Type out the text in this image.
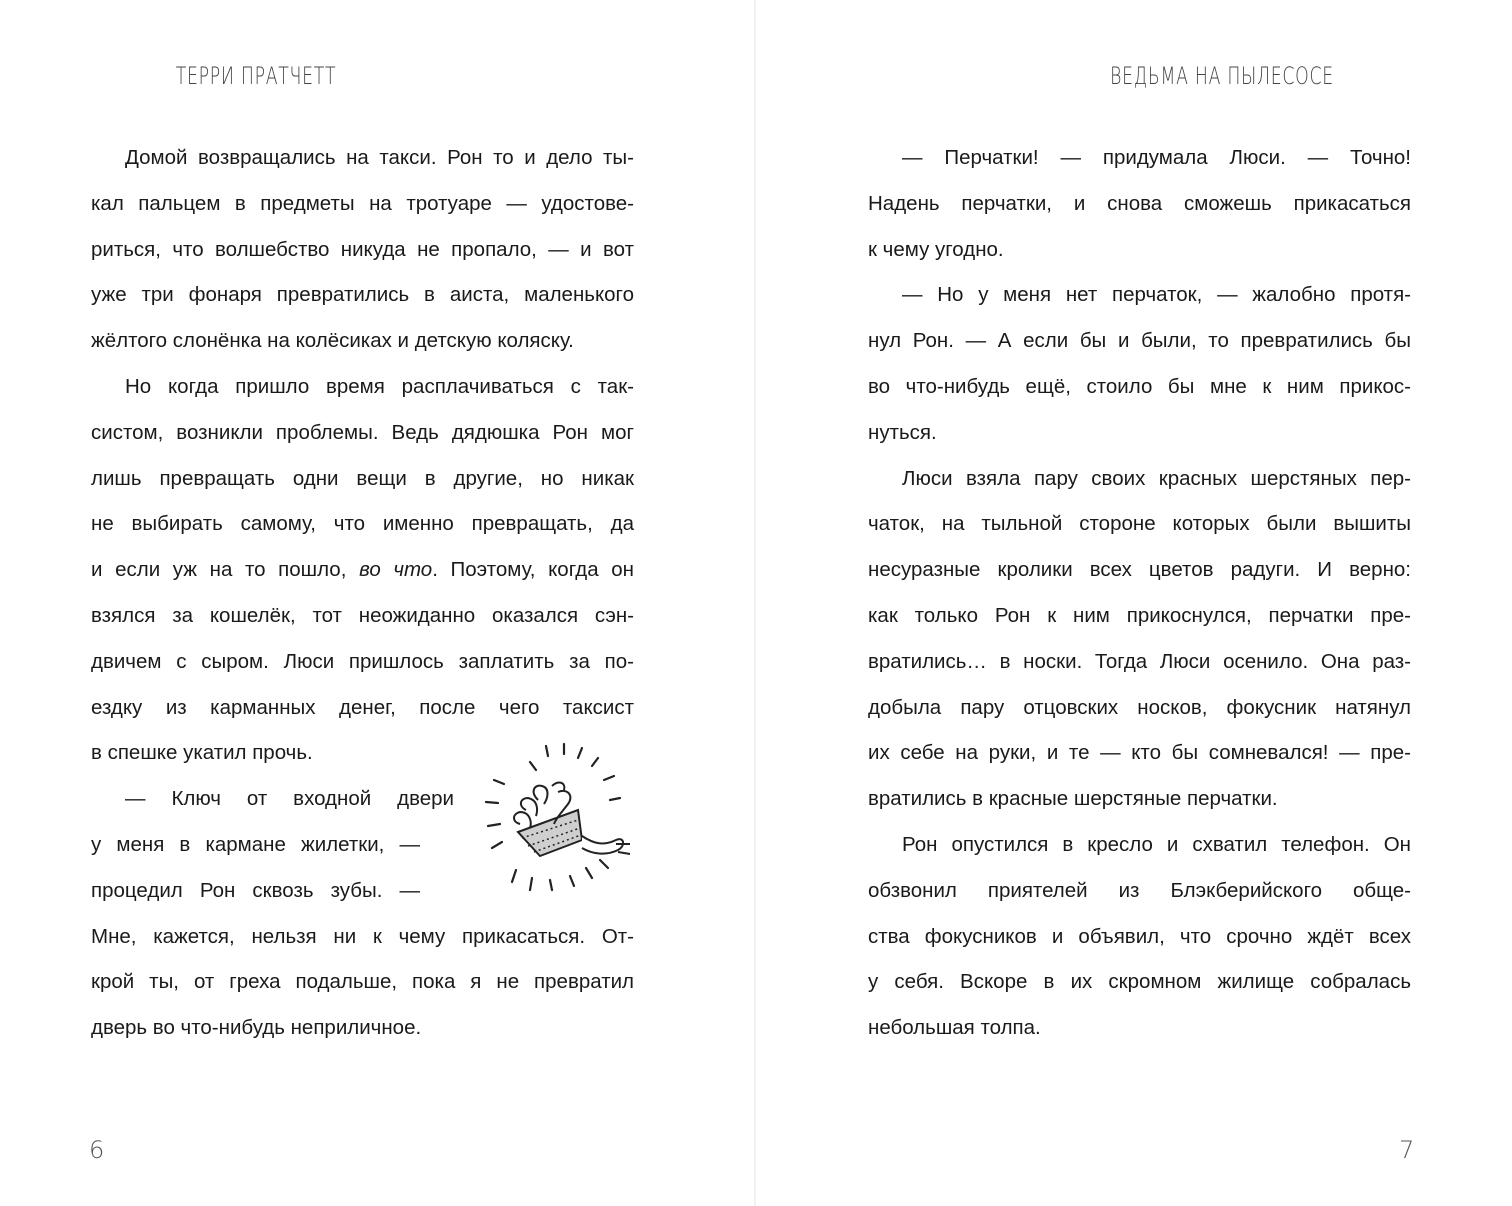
ТЕРРИ ПРАТЧЕТТ
Домой возвращались на такси. Рон то и дело ты-
кал пальцем в предметы на тротуаре — удостове-
риться, что волшебство никуда не пропало, — и вот
уже три фонаря превратились в аиста, маленького
жёлтого слонёнка на колёсиках и детскую коляску.
Но когда пришло время расплачиваться с так-
систом, возникли проблемы. Ведь дядюшка Рон мог
лишь превращать одни вещи в другие, но никак
не выбирать самому, что именно превращать, да
и если уж на то пошло, во что. Поэтому, когда он
взялся за кошелёк, тот неожиданно оказался сэн-
двичем с сыром. Люси пришлось заплатить за по-
ездку из карманных денег, после чего таксист
в спешке укатил прочь.
— Ключ от входной двери
у меня в кармане жилетки, —
процедил Рон сквозь зубы. —
Мне, кажется, нельзя ни к чему прикасаться. От-
крой ты, от греха подальше, пока я не превратил
дверь во что-нибудь неприличное.
6
ВЕДЬМА НА ПЫЛЕСОСЕ
— Перчатки! — придумала Люси. — Точно!
Надень перчатки, и снова сможешь прикасаться
к чему угодно.
— Но у меня нет перчаток, — жалобно протя-
нул Рон. — А если бы и были, то превратились бы
во что-нибудь ещё, стоило бы мне к ним прикос-
нуться.
Люси взяла пару своих красных шерстяных пер-
чаток, на тыльной стороне которых были вышиты
несуразные кролики всех цветов радуги. И верно:
как только Рон к ним прикоснулся, перчатки пре-
вратились… в носки. Тогда Люси осенило. Она раз-
добыла пару отцовских носков, фокусник натянул
их себе на руки, и те — кто бы сомневался! — пре-
вратились в красные шерстяные перчатки.
Рон опустился в кресло и схватил телефон. Он
обзвонил приятелей из Блэкберийского обще-
ства фокусников и объявил, что срочно ждёт всех
у себя. Вскоре в их скромном жилище собралась
небольшая толпа.
7
